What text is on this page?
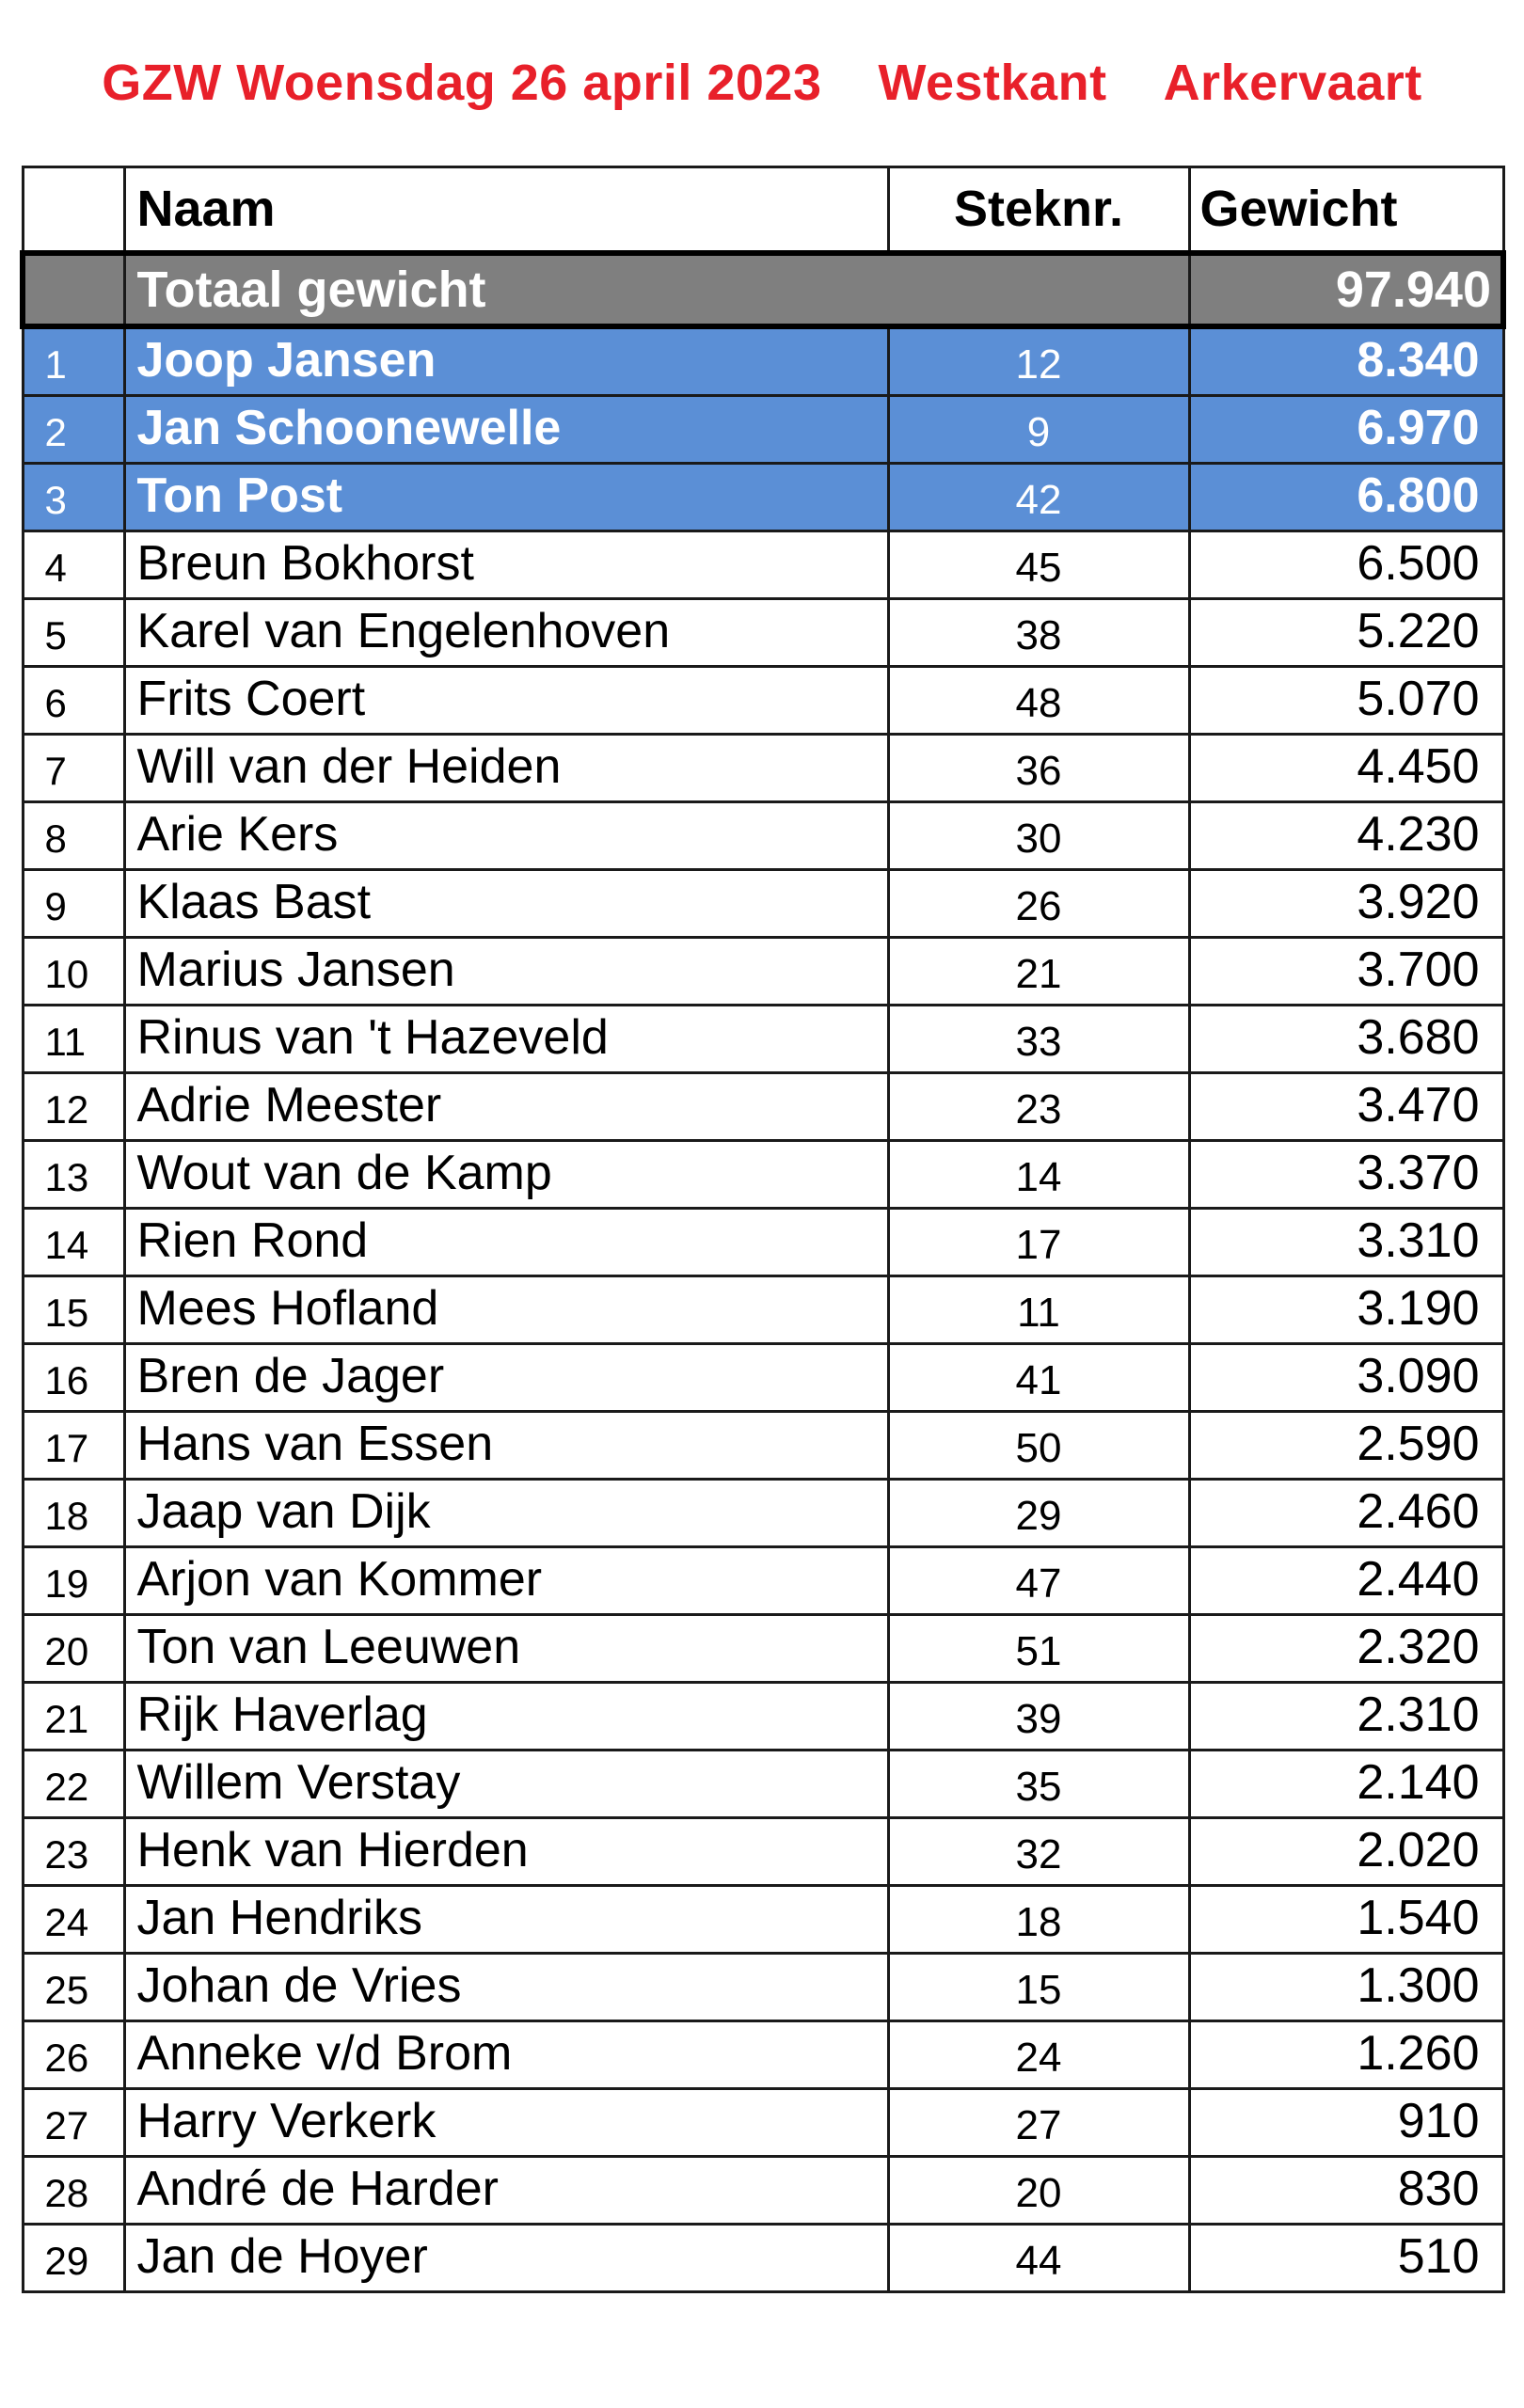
GZW Woensdag 26 april 2023 Westkant Arkervaart
	Naam	Steknr.	Gewicht
	Totaal gewicht		97.940
1	Joop Jansen	12	8.340
2	Jan Schoonewelle	9	6.970
3	Ton Post	42	6.800
4	Breun Bokhorst	45	6.500
5	Karel van Engelenhoven	38	5.220
6	Frits Coert	48	5.070
7	Will van der Heiden	36	4.450
8	Arie Kers	30	4.230
9	Klaas Bast	26	3.920
10	Marius Jansen	21	3.700
11	Rinus van 't Hazeveld	33	3.680
12	Adrie Meester	23	3.470
13	Wout van de Kamp	14	3.370
14	Rien Rond	17	3.310
15	Mees Hofland	11	3.190
16	Bren de Jager	41	3.090
17	Hans van Essen	50	2.590
18	Jaap van Dijk	29	2.460
19	Arjon van Kommer	47	2.440
20	Ton van Leeuwen	51	2.320
21	Rijk Haverlag	39	2.310
22	Willem Verstay	35	2.140
23	Henk van Hierden	32	2.020
24	Jan Hendriks	18	1.540
25	Johan de Vries	15	1.300
26	Anneke v/d Brom	24	1.260
27	Harry Verkerk	27	910
28	André de Harder	20	830
29	Jan de Hoyer	44	510
